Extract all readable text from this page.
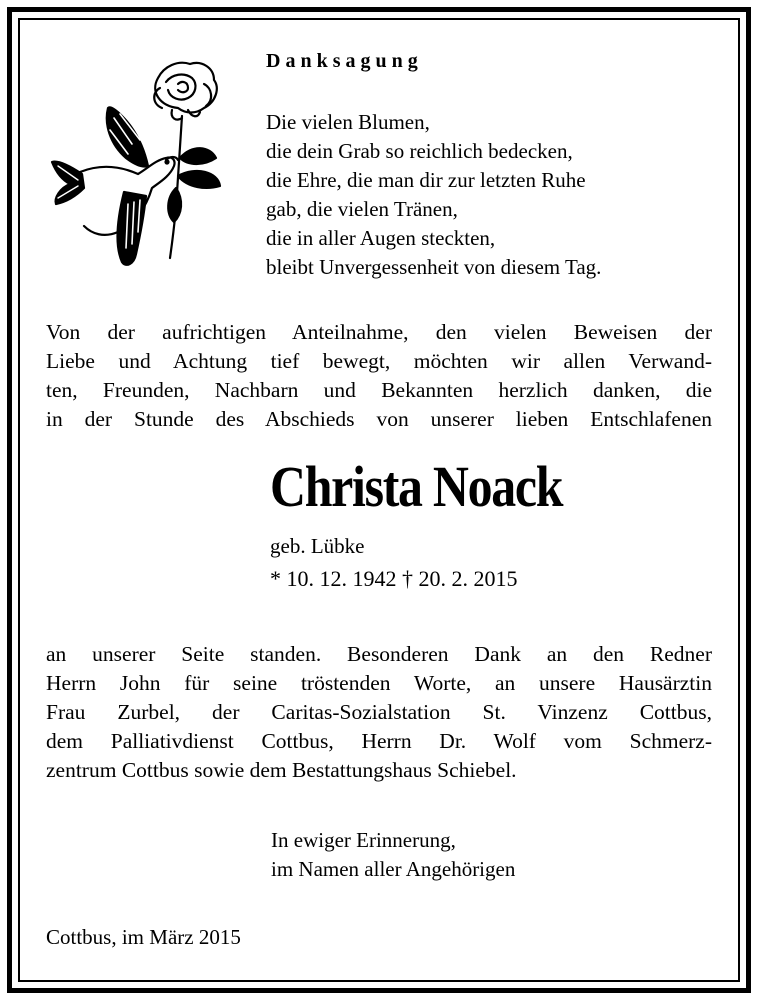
Danksagung
Die vielen Blumen,
die dein Grab so reichlich bedecken,
die Ehre, die man dir zur letzten Ruhe
gab, die vielen Tränen,
die in aller Augen steckten,
bleibt Unvergessenheit von diesem Tag.
Von der aufrichtigen Anteilnahme, den vielen Beweisen der
Liebe und Achtung tief bewegt, möchten wir allen Verwand-
ten, Freunden, Nachbarn und Bekannten herzlich danken, die
in der Stunde des Abschieds von unserer lieben Entschlafenen
Christa Noack
geb. Lübke
* 10. 12. 1942 † 20. 2. 2015
an unserer Seite standen. Besonderen Dank an den Redner
Herrn John für seine tröstenden Worte, an unsere Hausärztin
Frau Zurbel, der Caritas-Sozialstation St. Vinzenz Cottbus,
dem Palliativdienst Cottbus, Herrn Dr. Wolf vom Schmerz-
zentrum Cottbus sowie dem Bestattungshaus Schiebel.
In ewiger Erinnerung,
im Namen aller Angehörigen
Cottbus, im März 2015
